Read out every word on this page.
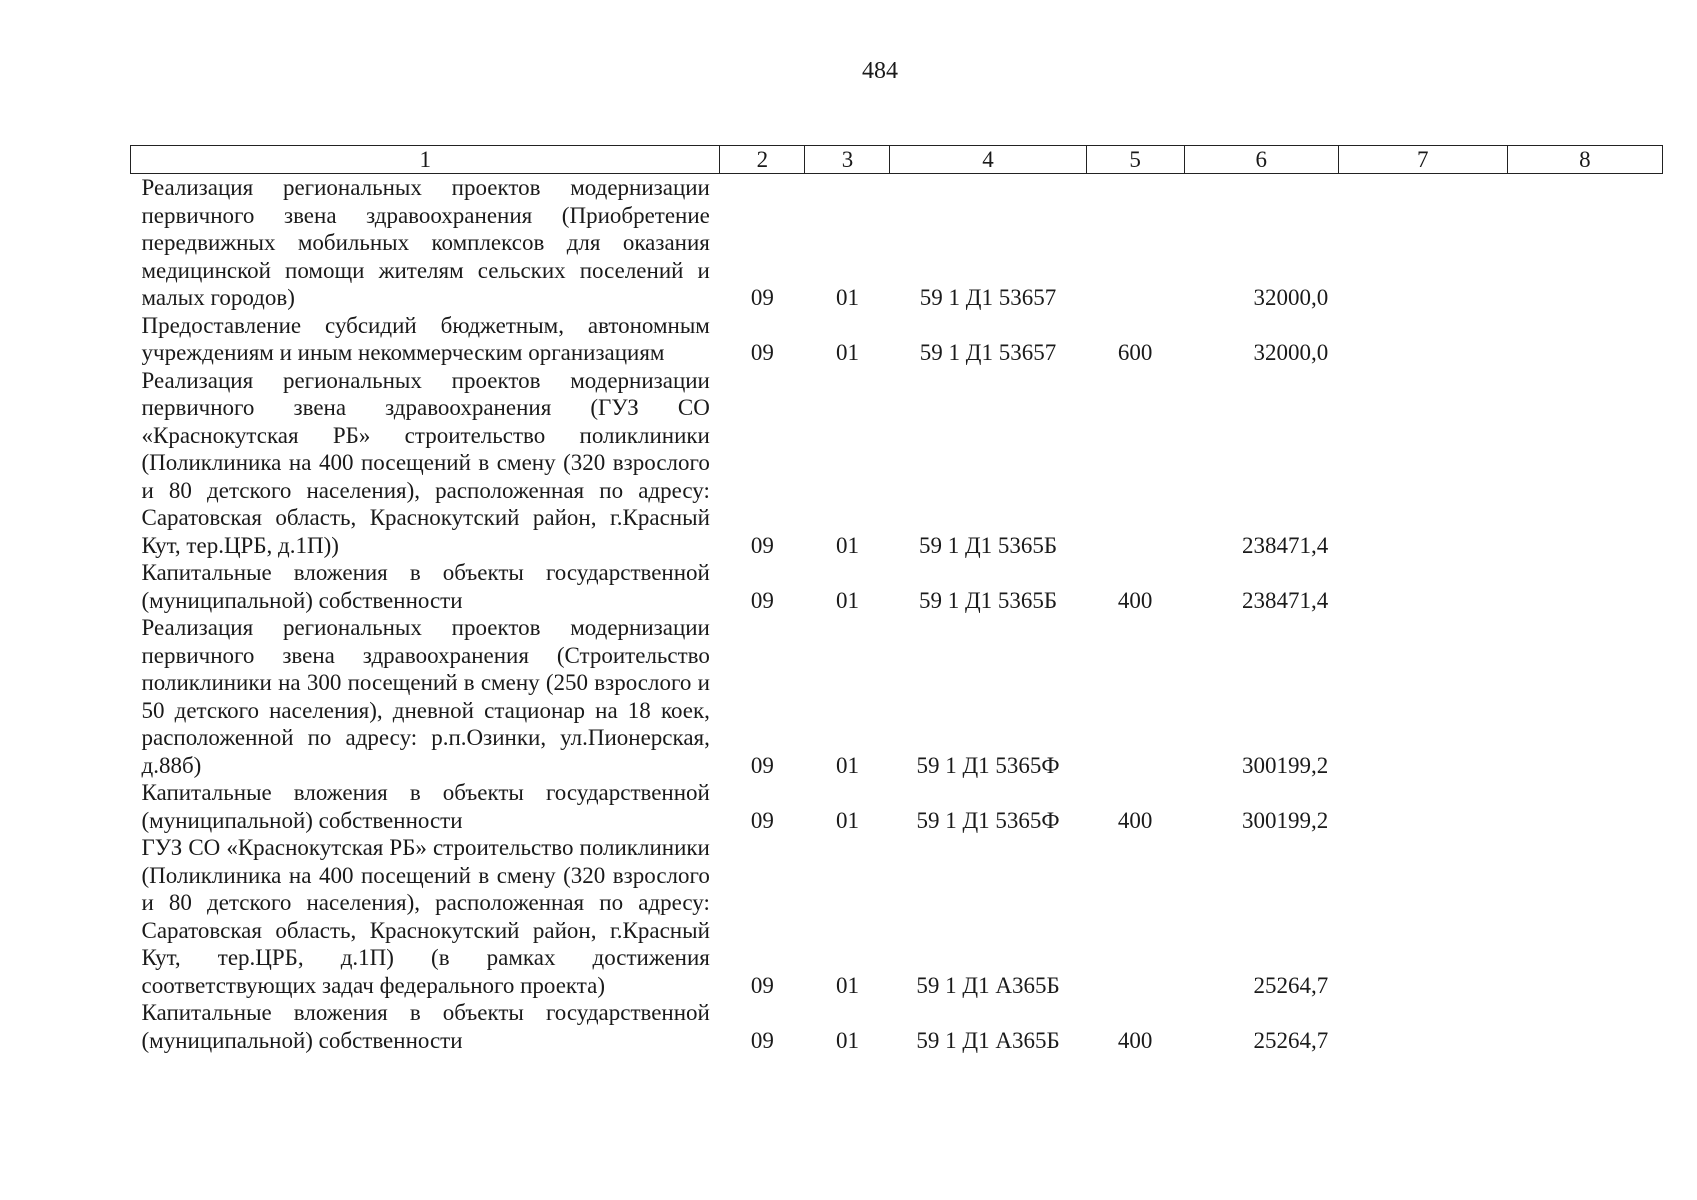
484
1	2	3	4	5	6	7	8
Реализация региональных проектов модернизации первичного звена здравоохранения (Приобретение передвижных мобильных комплексов для оказания медицинской помощи жителям сельских поселений и малых городов)	09	01	59 1 Д1 53657		32000,0		
Предоставление субсидий бюджетным, автономным учреждениям и иным некоммерческим организациям	09	01	59 1 Д1 53657	600	32000,0		
Реализация региональных проектов модернизации первичного звена здравоохранения (ГУЗ СО «Краснокутская РБ» строительство поликлиники (Поликлиника на 400 посещений в смену (320 взрослого и 80 детского населения), расположенная по адресу: Саратовская область, Краснокутский район, г.Красный Кут, тер.ЦРБ, д.1П))	09	01	59 1 Д1 5365Б		238471,4		
Капитальные вложения в объекты государственной (муниципальной) собственности	09	01	59 1 Д1 5365Б	400	238471,4		
Реализация региональных проектов модернизации первичного звена здравоохранения (Строительство поликлиники на 300 посещений в смену (250 взрослого и 50 детского населения), дневной стационар на 18 коек, расположенной по адресу: р.п.Озинки, ул.Пионерская, д.88б)	09	01	59 1 Д1 5365Ф		300199,2		
Капитальные вложения в объекты государственной (муниципальной) собственности	09	01	59 1 Д1 5365Ф	400	300199,2		
ГУЗ СО «Краснокутская РБ» строительство поликлиники (Поликлиника на 400 посещений в смену (320 взрослого и 80 детского населения), расположенная по адресу: Саратовская область, Краснокутский район, г.Красный Кут, тер.ЦРБ, д.1П) (в рамках достижения соответствующих задач федерального проекта)	09	01	59 1 Д1 А365Б		25264,7		
Капитальные вложения в объекты государственной (муниципальной) собственности	09	01	59 1 Д1 А365Б	400	25264,7		
